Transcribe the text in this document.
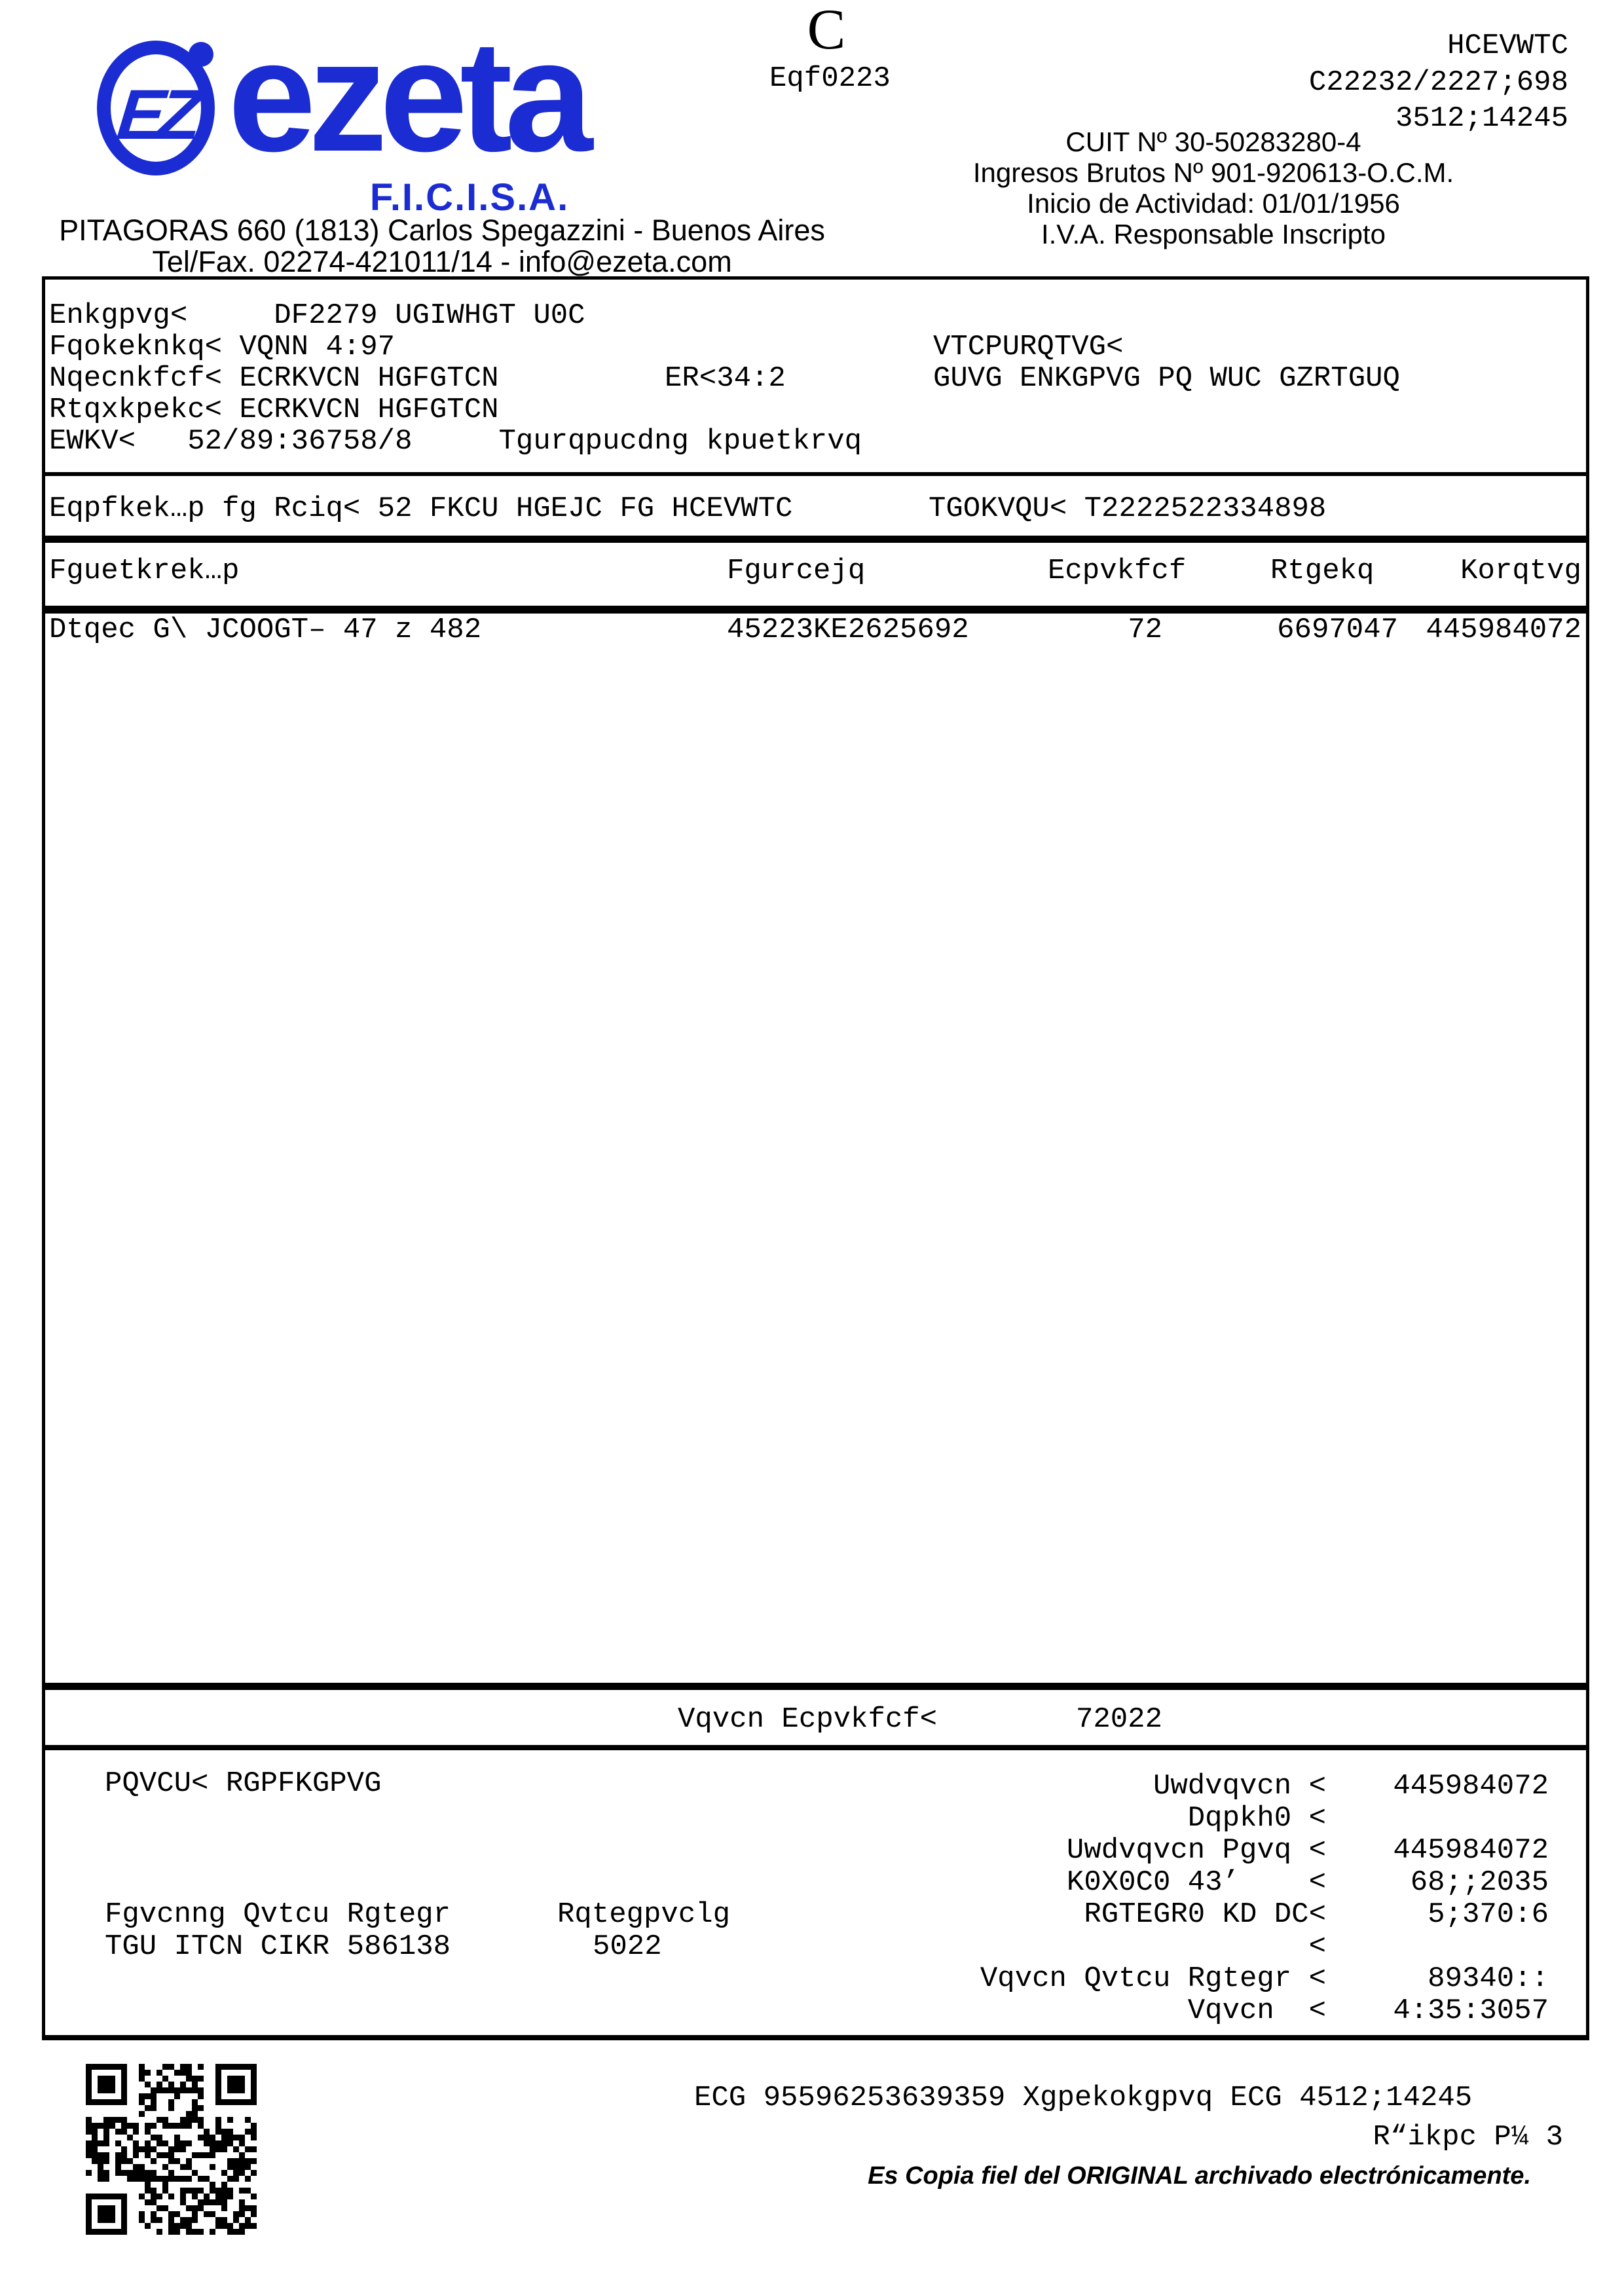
EZ ezeta
F.I.C.I.S.A.
PITAGORAS 660 (1813) Carlos Spegazzini - Buenos Aires
Tel/Fax. 02274-421011/14 - info@ezeta.com
C
Eqf0223
HCEVWTC
C22232/2227;698
3512;14245
CUIT Nº 30-50283280-4
Ingresos Brutos Nº 901-920613-O.C.M.
Inicio de Actividad: 01/01/1956
I.V.A. Responsable Inscripto
Enkgpvg<     DF2279 UGIWHGT U0C
Fqokeknkq< VQNN 4:97	VTCPURQTVG<
Nqecnkfcf< ECRKVCN HGFGTCN	ER<34:2	GUVG ENKGPVG PQ WUC GZRTGUQ
Rtqxkpekc< ECRKVCN HGFGTCN
EWKV<   52/89:36758/8     Tgurqpucdng kpuetkrvq
Eqpfkek…p fg Rciq< 52 FKCU HGEJC FG HCEVWTC	TGOKVQU< T2222522334898
Fguetkrek…p	Fgurcejq	Ecpvkfcf	Rtgekq	Korqtvg
Dtqec G\ JCOOGT– 47 z 482	45223KE2625692	72	6697047 445984072
Vqvcn Ecpvkfcf<	72022
PQVCU< RGPFKGPVG	Uwdvqvcn <	445984072
Dqpkh0 <
Uwdvqvcn Pgvq <	445984072
K0X0C0 43’    <	68;;2035
RGTEGR0 KD DC<	5;370:6
<
Vqvcn Qvtcu Rgtegr <	89340::
Vqvcn  <	4:35:3057
Fgvcnng Qvtcu Rgtegr	Rqtegpvclg
TGU ITCN CIKR 586138	5022
ECG 95596253639359 Xgpekokgpvq ECG 4512;14245
R“ikpc P¼ 3
Es Copia fiel del ORIGINAL archivado electrónicamente.
